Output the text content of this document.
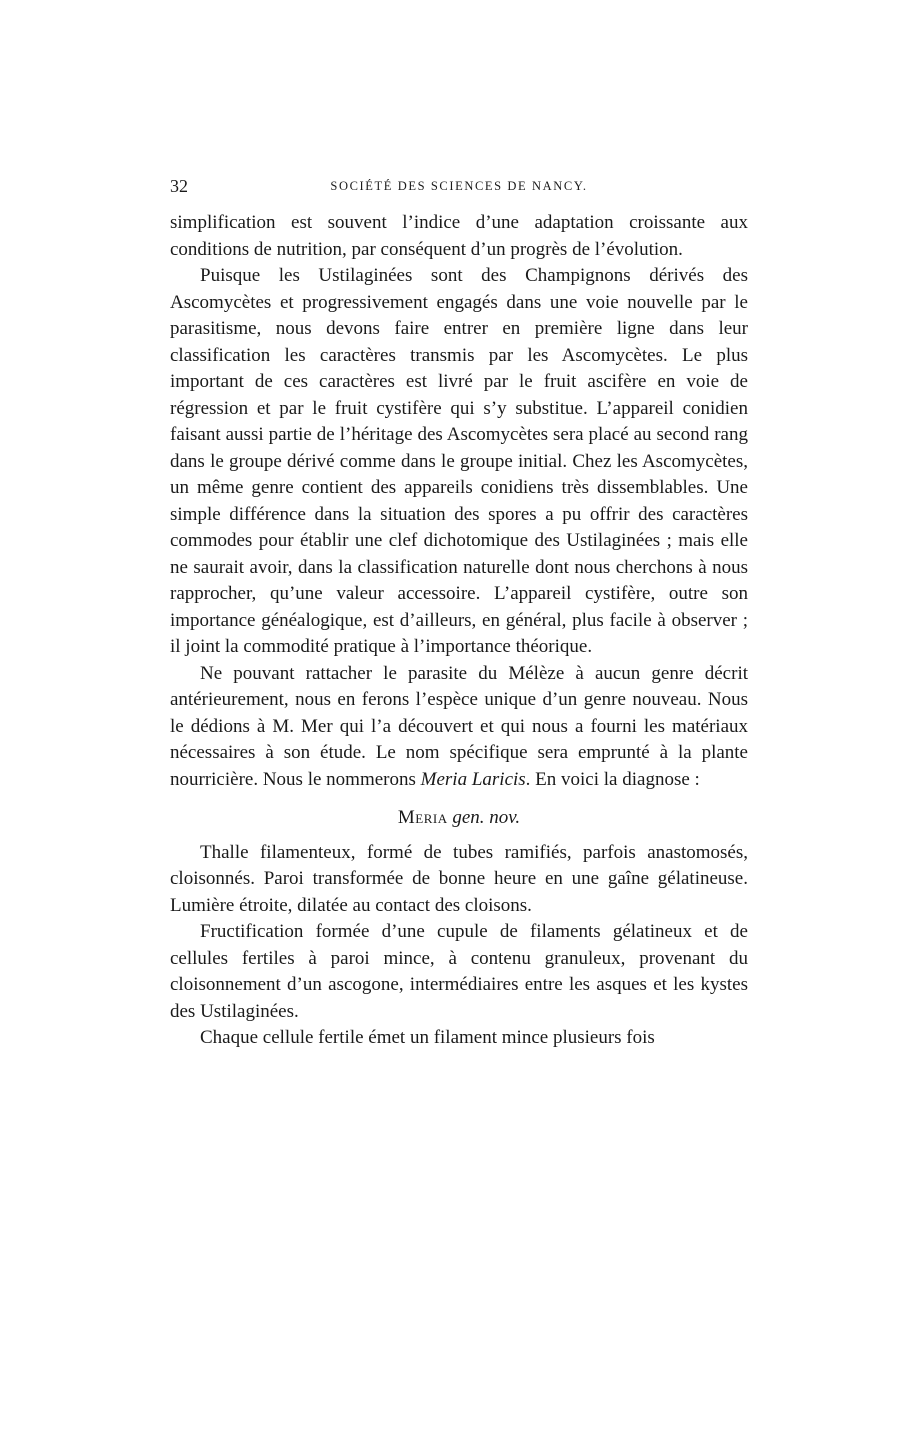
32	SOCIÉTÉ DES SCIENCES DE NANCY.

simplification est souvent l’indice d’une adaptation croissante aux conditions de nutrition, par conséquent d’un progrès de l’évolution.

Puisque les Ustilaginées sont des Champignons dérivés des Ascomycètes et progressivement engagés dans une voie nouvelle par le parasitisme, nous devons faire entrer en première ligne dans leur classification les caractères transmis par les Ascomycètes. Le plus important de ces caractères est livré par le fruit ascifère en voie de régression et par le fruit cystifère qui s’y substitue. L’appareil conidien faisant aussi partie de l’héritage des Ascomycètes sera placé au second rang dans le groupe dérivé comme dans le groupe initial. Chez les Ascomycètes, un même genre contient des appareils conidiens très dissemblables. Une simple différence dans la situation des spores a pu offrir des caractères commodes pour établir une clef dichotomique des Ustilaginées ; mais elle ne saurait avoir, dans la classification naturelle dont nous cherchons à nous rapprocher, qu’une valeur accessoire. L’appareil cystifère, outre son importance généalogique, est d’ailleurs, en général, plus facile à observer ; il joint la commodité pratique à l’importance théorique.

Ne pouvant rattacher le parasite du Mélèze à aucun genre décrit antérieurement, nous en ferons l’espèce unique d’un genre nouveau. Nous le dédions à M. Mer qui l’a découvert et qui nous a fourni les matériaux nécessaires à son étude. Le nom spécifique sera emprunté à la plante nourricière. Nous le nommerons Meria Laricis. En voici la diagnose :

Meria gen. nov.

Thalle filamenteux, formé de tubes ramifiés, parfois anastomosés, cloisonnés. Paroi transformée de bonne heure en une gaîne gélatineuse. Lumière étroite, dilatée au contact des cloisons.

Fructification formée d’une cupule de filaments gélatineux et de cellules fertiles à paroi mince, à contenu granuleux, provenant du cloisonnement d’un ascogone, intermédiaires entre les asques et les kystes des Ustilaginées.

Chaque cellule fertile émet un filament mince plusieurs fois
